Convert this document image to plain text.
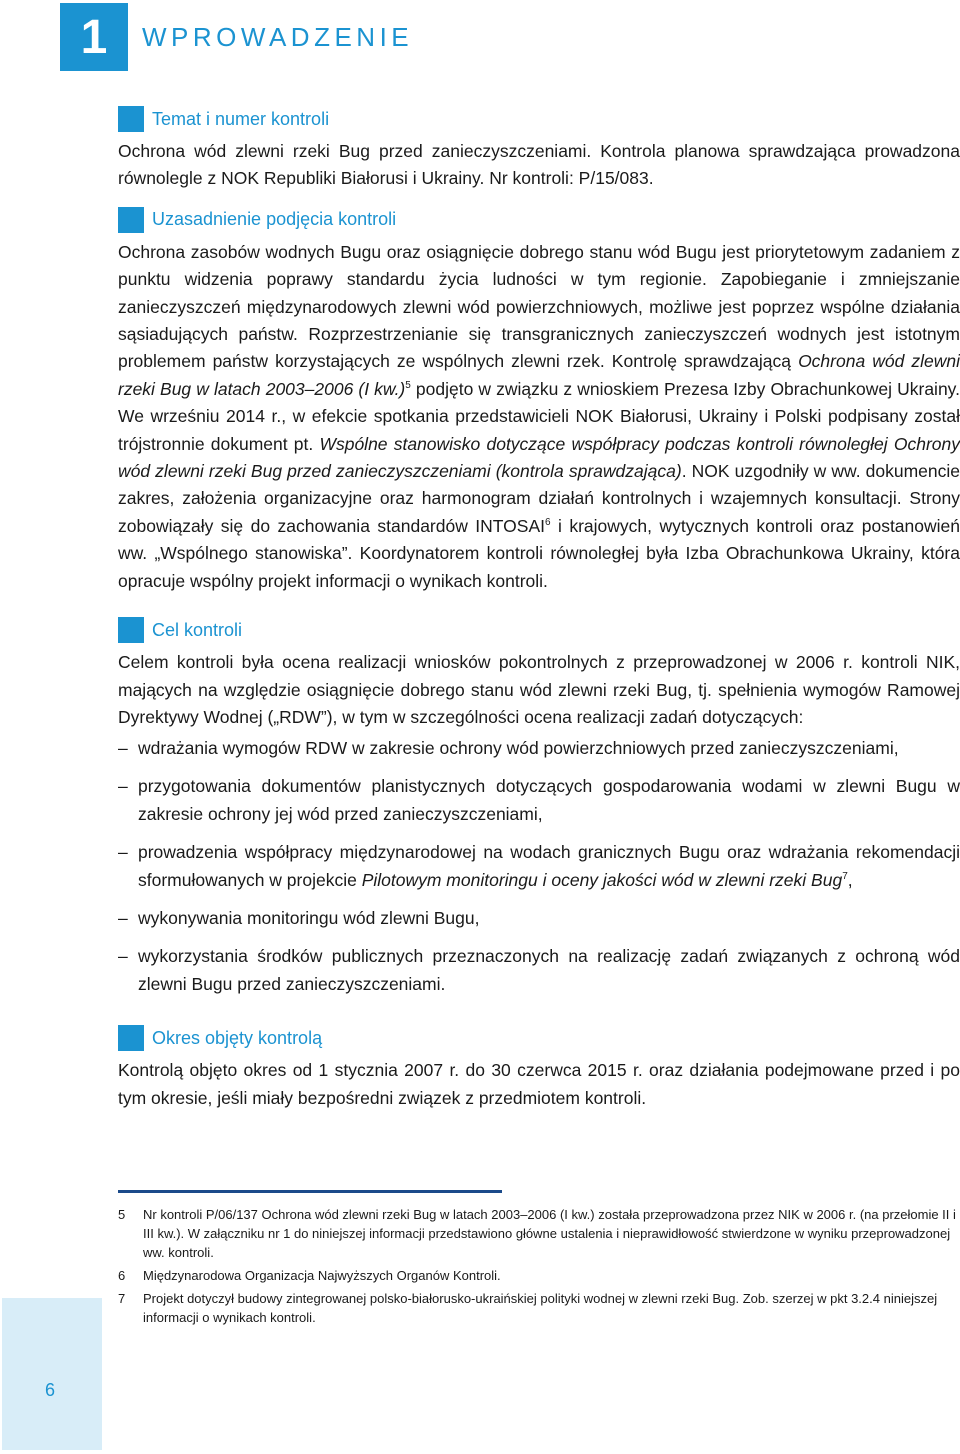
1 WPROWADZENIE
Temat i numer kontroli

Ochrona wód zlewni rzeki Bug przed zanieczyszczeniami. Kontrola planowa sprawdzająca prowadzona równolegle z NOK Republiki Białorusi i Ukrainy. Nr kontroli: P/15/083.

Uzasadnienie podjęcia kontroli

Ochrona zasobów wodnych Bugu oraz osiągnięcie dobrego stanu wód Bugu jest priorytetowym zadaniem z punktu widzenia poprawy standardu życia ludności w tym regionie. Zapobieganie i zmniejszanie zanieczyszczeń międzynarodowych zlewni wód powierzchniowych, możliwe jest poprzez wspólne działania sąsiadujących państw. Rozprzestrzenianie się transgranicznych zanieczyszczeń wodnych jest istotnym problemem państw korzystających ze wspólnych zlewni rzek. Kontrolę sprawdzającą Ochrona wód zlewni rzeki Bug w latach 2003–2006 (I kw.)$^5$ podjęto w związku z wnioskiem Prezesa Izby Obrachunkowej Ukrainy. We wrześniu 2014 r., w efekcie spotkania przedstawicieli NOK Białorusi, Ukrainy i Polski podpisany został trójstronnie dokument pt. Wspólne stanowisko dotyczące współpracy podczas kontroli równoległej Ochrony wód zlewni rzeki Bug przed zanieczyszczeniami (kontrola sprawdzająca). NOK uzgodniły w ww. dokumencie zakres, założenia organizacyjne oraz harmonogram działań kontrolnych i wzajemnych konsultacji. Strony zobowiązały się do zachowania standardów INTOSAI$^6$ i krajowych, wytycznych kontroli oraz postanowień ww. „Wspólnego stanowiska”. Koordynatorem kontroli równoległej była Izba Obrachunkowa Ukrainy, która opracuje wspólny projekt informacji o wynikach kontroli.

Cel kontroli

Celem kontroli była ocena realizacji wniosków pokontrolnych z przeprowadzonej w 2006 r. kontroli NIK, mających na względzie osiągnięcie dobrego stanu wód zlewni rzeki Bug, tj. spełnienia wymogów Ramowej Dyrektywy Wodnej („RDW”), w tym w szczególności ocena realizacji zadań dotyczących:

– wdrażania wymogów RDW w zakresie ochrony wód powierzchniowych przed zanieczyszczeniami,
– przygotowania dokumentów planistycznych dotyczących gospodarowania wodami w zlewni Bugu w zakresie ochrony jej wód przed zanieczyszczeniami,
– prowadzenia współpracy międzynarodowej na wodach granicznych Bugu oraz wdrażania rekomendacji sformułowanych w projekcie Pilotowym monitoringu i oceny jakości wód w zlewni rzeki Bug$^7$,
– wykonywania monitoringu wód zlewni Bugu,
– wykorzystania środków publicznych przeznaczonych na realizację zadań związanych z ochroną wód zlewni Bugu przed zanieczyszczeniami.
Okres objęty kontrolą

Kontrolą objęto okres od 1 stycznia 2007 r. do 30 czerwca 2015 r. oraz działania podejmowane przed i po tym okresie, jeśli miały bezpośredni związek z przedmiotem kontroli.

5	Nr kontroli P/06/137 Ochrona wód zlewni rzeki Bug w latach 2003–2006 (I kw.) została przeprowadzona przez NIK w 2006 r. (na przełomie II i III kw.). W załączniku nr 1 do niniejszej informacji przedstawiono główne ustalenia i nieprawidłowość stwierdzone w wyniku przeprowadzonej ww. kontroli.
6	Międzynarodowa Organizacja Najwyższych Organów Kontroli.
7	Projekt dotyczył budowy zintegrowanej polsko-białorusko-ukraińskiej polityki wodnej w zlewni rzeki Bug. Zob. szerzej w pkt 3.2.4 niniejszej informacji o wynikach kontroli.
6
